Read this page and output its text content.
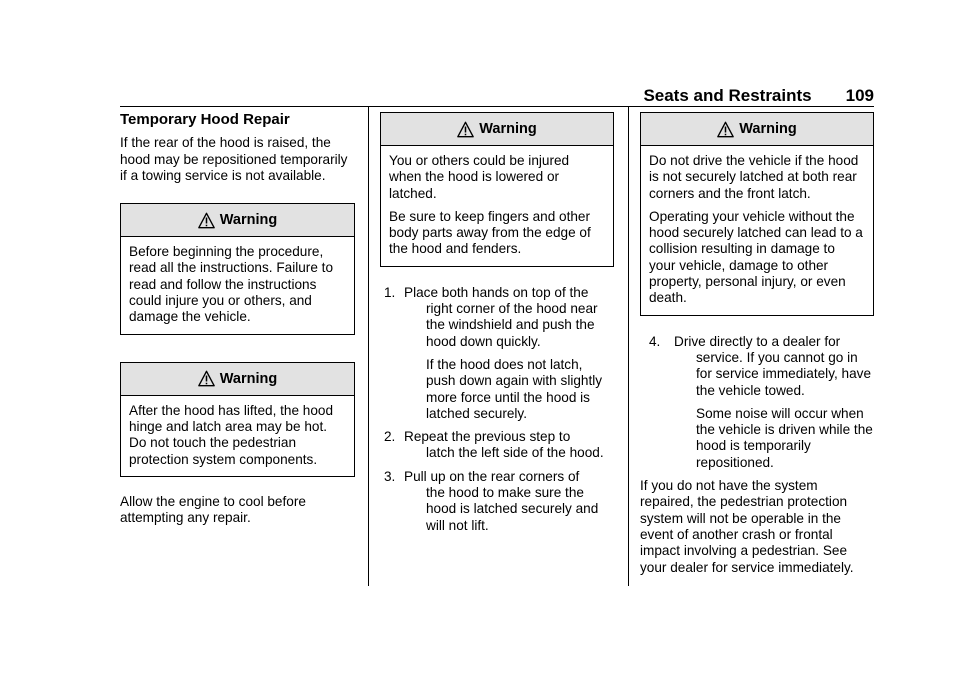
Seats and Restraints 109
Temporary Hood Repair

If the rear of the hood is raised, the hood may be repositioned temporarily if a towing service is not available.

Warning

Before beginning the procedure, read all the instructions. Failure to read and follow the instructions could injure you or others, and damage the vehicle.

Warning

After the hood has lifted, the hood hinge and latch area may be hot. Do not touch the pedestrian protection system components.

Allow the engine to cool before attempting any repair.

Warning

You or others could be injured when the hood is lowered or latched.

Be sure to keep fingers and other body parts away from the edge of the hood and fenders.

1. Place both hands on top of the
right corner of the hood near the windshield and push the hood down quickly.
If the hood does not latch, push down again with slightly more force until the hood is latched securely.
2. Repeat the previous step to
latch the left side of the hood.
3. Pull up on the rear corners of
the hood to make sure the hood is latched securely and will not lift.
Warning

Do not drive the vehicle if the hood is not securely latched at both rear corners and the front latch.

Operating your vehicle without the hood securely latched can lead to a collision resulting in damage to your vehicle, damage to other property, personal injury, or even death.

4.	Drive directly to a dealer for
service. If you cannot go in for service immediately, have the vehicle towed.
Some noise will occur when the vehicle is driven while the hood is temporarily repositioned.

If you do not have the system repaired, the pedestrian protection system will not be operable in the event of another crash or frontal impact involving a pedestrian. See your dealer for service immediately.
